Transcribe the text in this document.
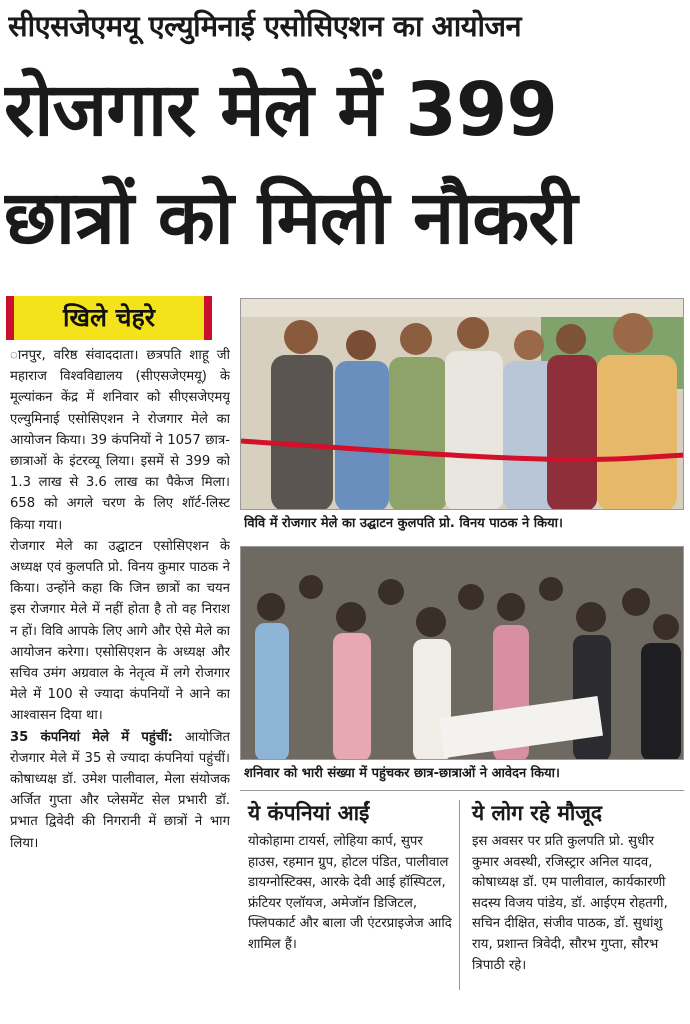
सीएसजेएमयू एल्युमिनाई एसोसिएशन का आयोजन
रोजगार मेले में 399
छात्रों को मिली नौकरी
खिले चेहरे

ानपुर, वरिष्ठ संवाददाता। छत्रपति शाहू जी महाराज विश्वविद्यालय (सीएसजेएमयू) के मूल्यांकन केंद्र में शनिवार को सीएसजेएमयू एल्युमिनाई एसोसिएशन ने रोजगार मेले का आयोजन किया। 39 कंपनियों ने 1057 छात्र-छात्राओं के इंटरव्यू लिया। इसमें से 399 को 1.3 लाख से 3.6 लाख का पैकेज मिला। 658 को अगले चरण के लिए शॉर्ट-लिस्ट किया गया।

रोजगार मेले का उद्घाटन एसोसिएशन के अध्यक्ष एवं कुलपति प्रो. विनय कुमार पाठक ने किया। उन्होंने कहा कि जिन छात्रों का चयन इस रोजगार मेले में नहीं होता है तो वह निराश न हों। विवि आपके लिए आगे और ऐसे मेले का आयोजन करेगा। एसोसिएशन के अध्यक्ष और सचिव उमंग अग्रवाल के नेतृत्व में लगे रोजगार मेले में 100 से ज्यादा कंपनियों ने आने का आश्वासन दिया था।

35 कंपनियां मेले में पहुंचीं: आयोजित रोजगार मेले में 35 से ज्यादा कंपनियां पहुंचीं। कोषाध्यक्ष डॉ. उमेश पालीवाल, मेला संयोजक अर्जित गुप्ता और प्लेसमेंट सेल प्रभारी डॉ. प्रभात द्विवेदी की निगरानी में छात्रों ने भाग लिया।

विवि में रोजगार मेले का उद्घाटन कुलपति प्रो. विनय पाठक ने किया।
शनिवार को भारी संख्या में पहुंचकर छात्र-छात्राओं ने आवेदन किया।
ये कंपनियां आईं
योकोहामा टायर्स, लोहिया कार्प, सुपर हाउस, रहमान ग्रुप, होटल पंडित, पालीवाल डायग्नोस्टिक्स, आरके देवी आई हॉस्पिटल, फ्रंटियर एलॉयज, अमेजॉन डिजिटल, फ्लिपकार्ट और बाला जी एंटरप्राइजेज आदि शामिल हैं।
ये लोग रहे मौजूद
इस अवसर पर प्रति कुलपति प्रो. सुधीर कुमार अवस्थी, रजिस्ट्रार अनिल यादव, कोषाध्यक्ष डॉ. एम पालीवाल, कार्यकारणी सदस्य विजय पांडेय, डॉ. आईएम रोहतगी, सचिन दीक्षित, संजीव पाठक, डॉ. सुधांशु राय, प्रशान्त त्रिवेदी, सौरभ गुप्ता, सौरभ त्रिपाठी रहे।
